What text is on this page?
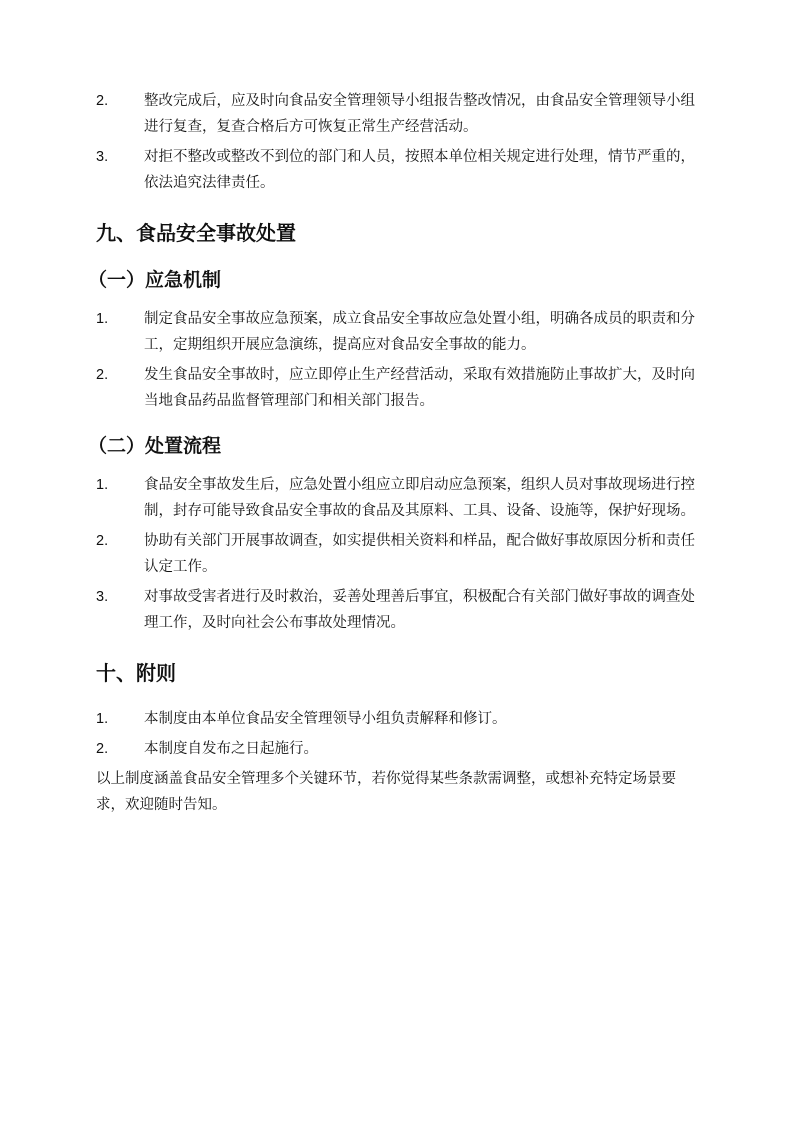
2.	整改完成后，应及时向食品安全管理领导小组报告整改情况，由食品安全管理领导小组进行复查，复查合格后方可恢复正常生产经营活动。
3.	对拒不整改或整改不到位的部门和人员，按照本单位相关规定进行处理，情节严重的，依法追究法律责任。
九、食品安全事故处置
（一）应急机制
1.	制定食品安全事故应急预案，成立食品安全事故应急处置小组，明确各成员的职责和分工，定期组织开展应急演练，提高应对食品安全事故的能力。
2.	发生食品安全事故时，应立即停止生产经营活动，采取有效措施防止事故扩大，及时向当地食品药品监督管理部门和相关部门报告。
（二）处置流程
1.	食品安全事故发生后，应急处置小组应立即启动应急预案，组织人员对事故现场进行控制，封存可能导致食品安全事故的食品及其原料、工具、设备、设施等，保护好现场。
2.	协助有关部门开展事故调查，如实提供相关资料和样品，配合做好事故原因分析和责任认定工作。
3.	对事故受害者进行及时救治，妥善处理善后事宜，积极配合有关部门做好事故的调查处理工作，及时向社会公布事故处理情况。
十、附则
1.	本制度由本单位食品安全管理领导小组负责解释和修订。
2.	本制度自发布之日起施行。

以上制度涵盖食品安全管理多个关键环节，若你觉得某些条款需调整，或想补充特定场景要求，欢迎随时告知。
